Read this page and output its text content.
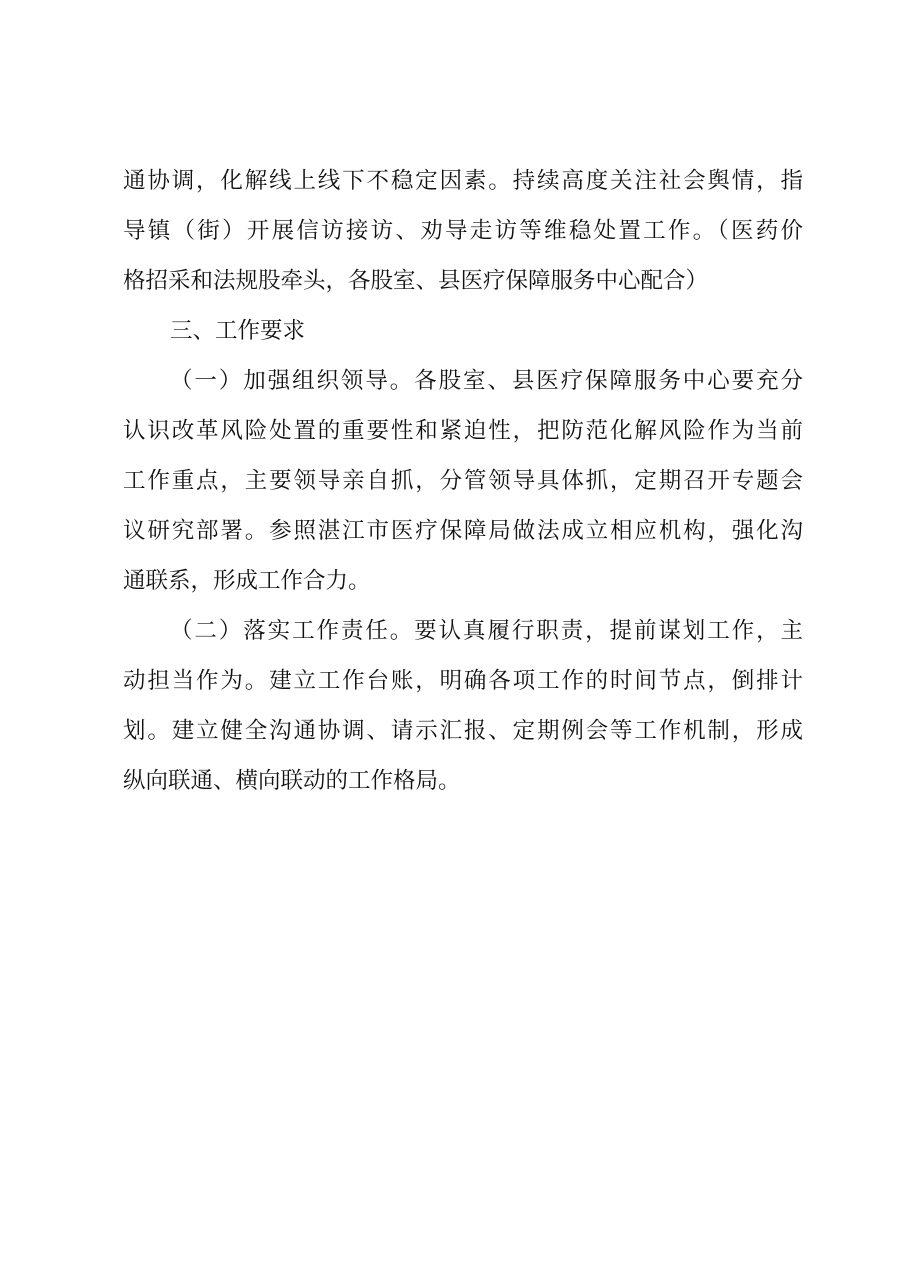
通协调，化解线上线下不稳定因素。持续高度关注社会舆情，指
导镇（街）开展信访接访、劝导走访等维稳处置工作。（医药价
格招采和法规股牵头，各股室、县医疗保障服务中心配合）
三、工作要求
（一）加强组织领导。各股室、县医疗保障服务中心要充分
认识改革风险处置的重要性和紧迫性，把防范化解风险作为当前
工作重点，主要领导亲自抓，分管领导具体抓，定期召开专题会
议研究部署。参照湛江市医疗保障局做法成立相应机构，强化沟
通联系，形成工作合力。
（二）落实工作责任。要认真履行职责，提前谋划工作，主
动担当作为。建立工作台账，明确各项工作的时间节点，倒排计
划。建立健全沟通协调、请示汇报、定期例会等工作机制，形成
纵向联通、横向联动的工作格局。
